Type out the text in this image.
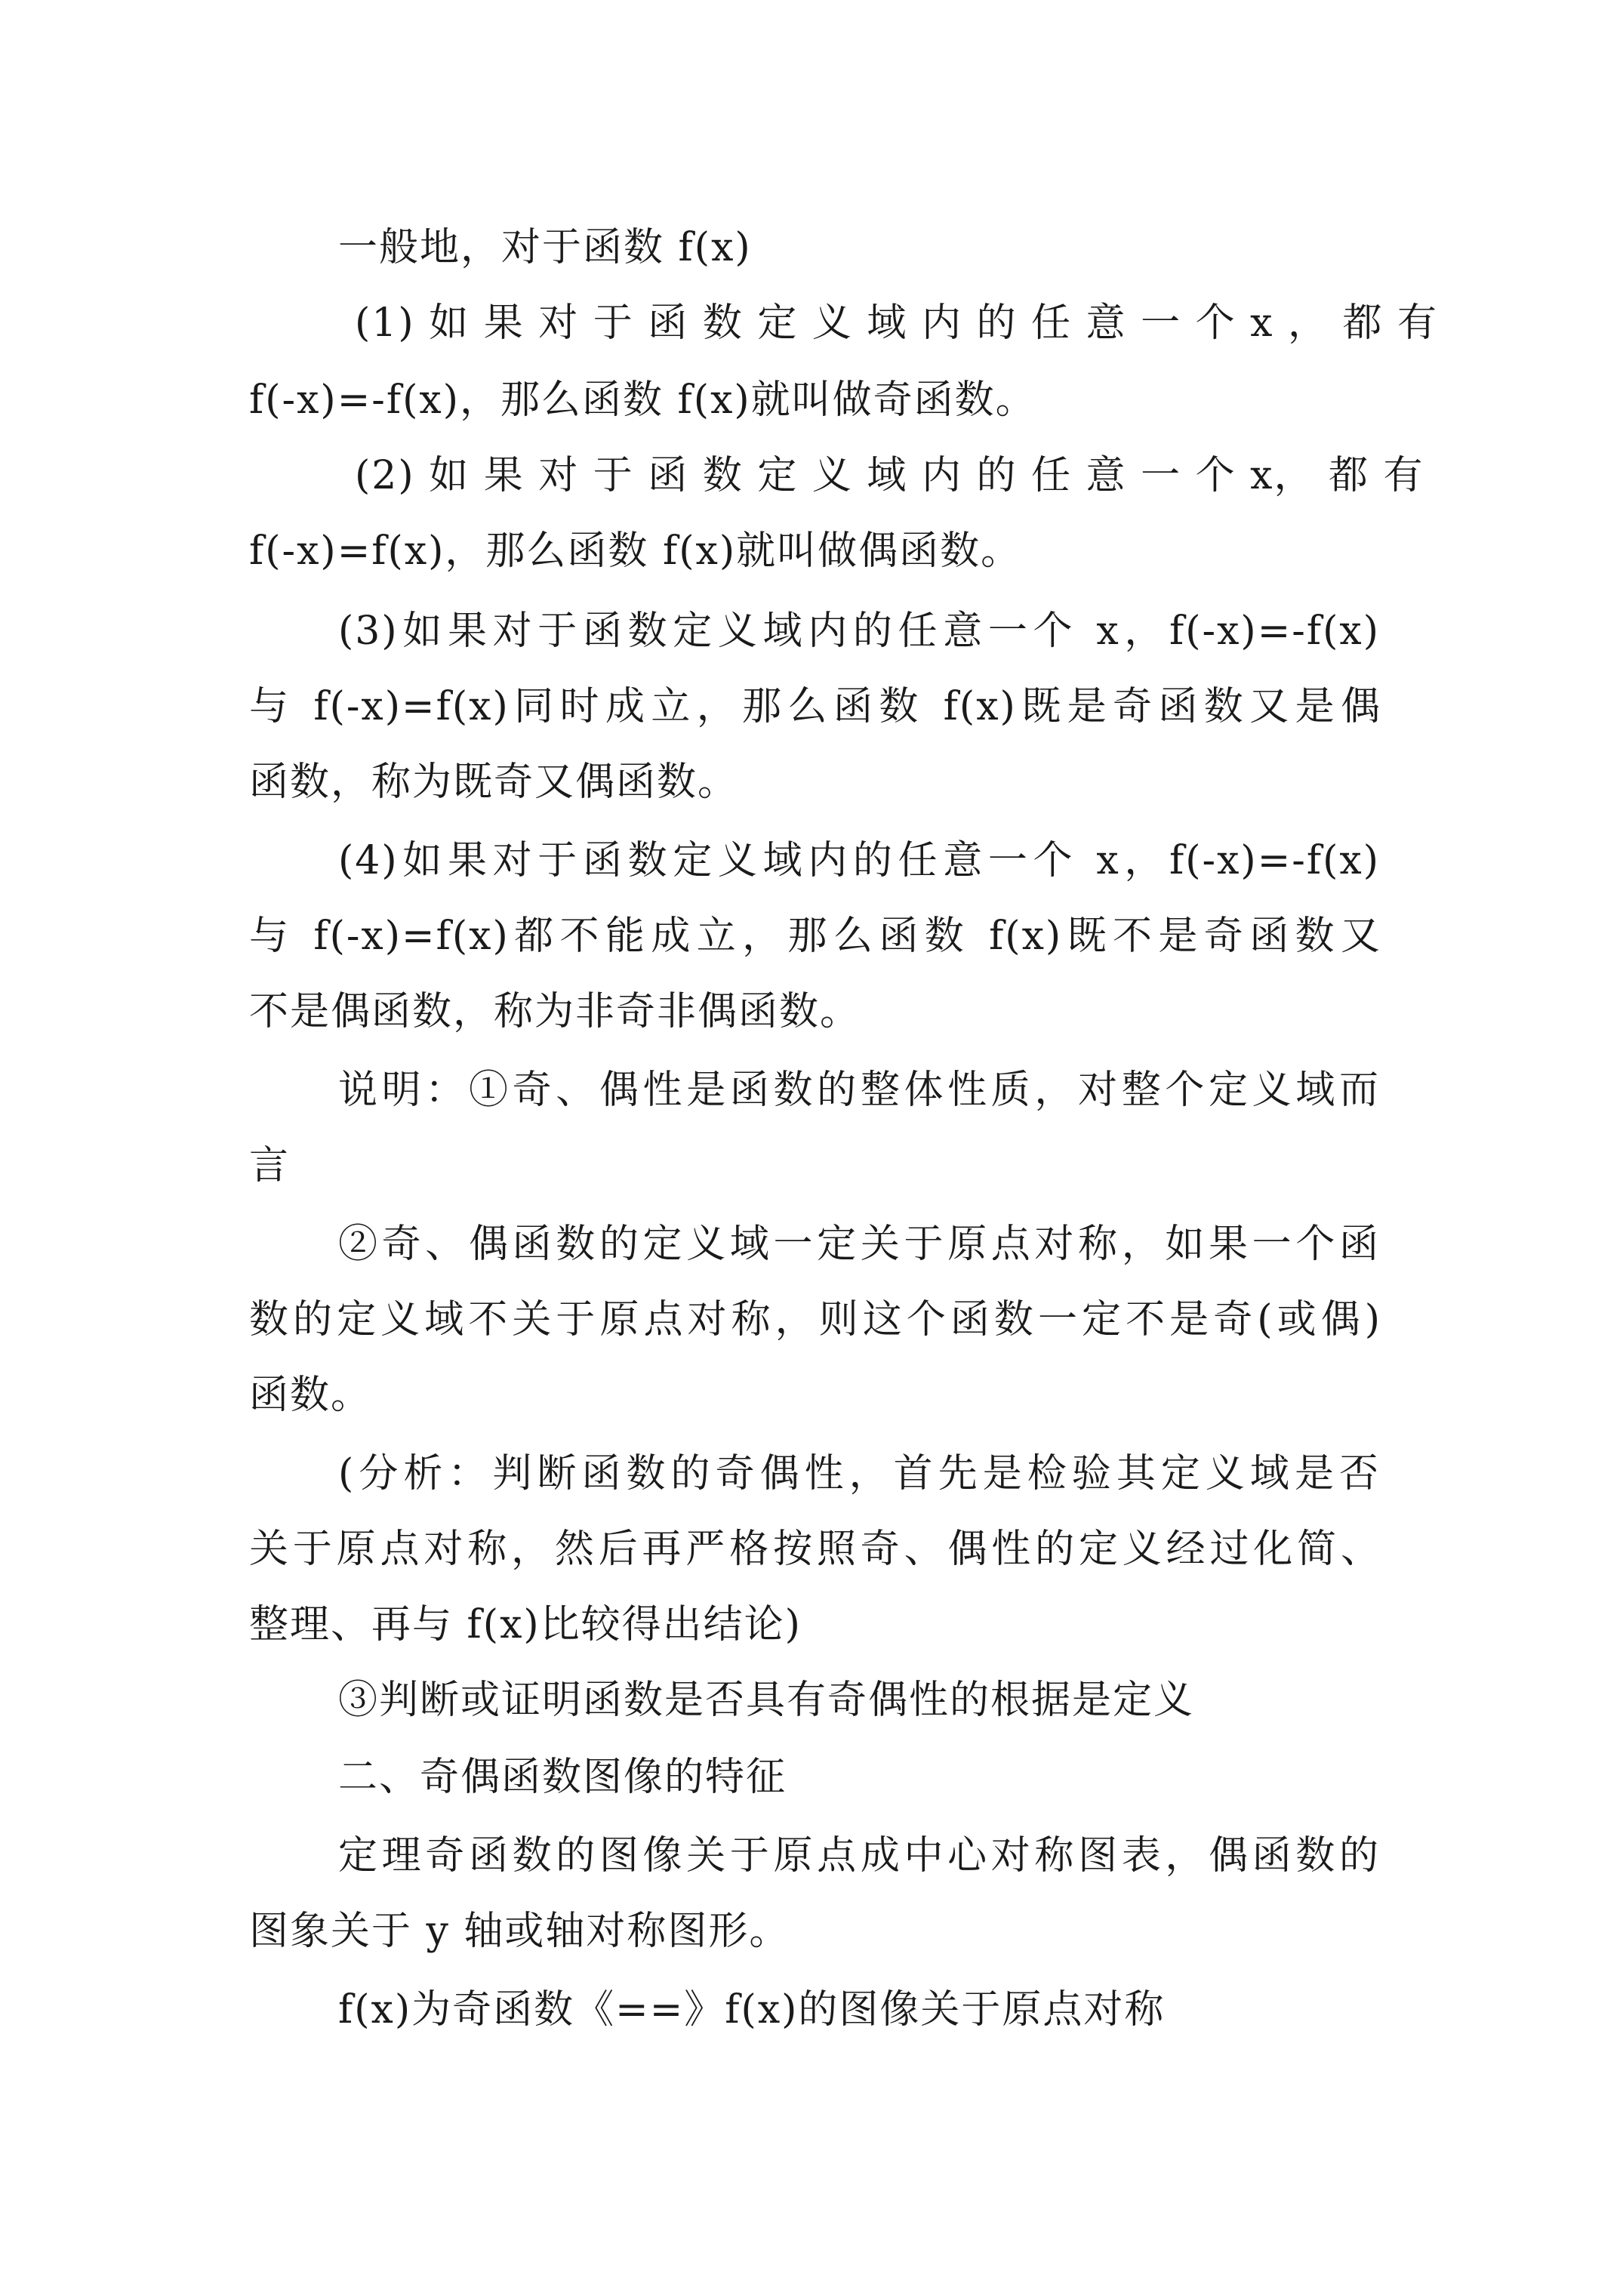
一般地，对于函数 f(x)
(1) 如 果 对 于 函 数 定 义 域 内 的 任 意 一 个 x ， 都 有
f(-x)=-f(x)，那么函数 f(x)就叫做奇函数。
(2) 如 果 对 于 函 数 定 义 域 内 的 任 意 一 个 x， 都 有
f(-x)=f(x)，那么函数 f(x)就叫做偶函数。
(3)如果对于函数定义域内的任意一个 x，f(-x)=-f(x)
与 f(-x)=f(x)同时成立，那么函数 f(x)既是奇函数又是偶
函数，称为既奇又偶函数。
(4)如果对于函数定义域内的任意一个 x，f(-x)=-f(x)
与 f(-x)=f(x)都不能成立，那么函数 f(x)既不是奇函数又
不是偶函数，称为非奇非偶函数。
说明：①奇、偶性是函数的整体性质，对整个定义域而
言
②奇、偶函数的定义域一定关于原点对称，如果一个函
数的定义域不关于原点对称，则这个函数一定不是奇(或偶)
函数。
(分析：判断函数的奇偶性，首先是检验其定义域是否
关于原点对称，然后再严格按照奇、偶性的定义经过化简、
整理、再与 f(x)比较得出结论)
③判断或证明函数是否具有奇偶性的根据是定义
二、奇偶函数图像的特征
定理奇函数的图像关于原点成中心对称图表，偶函数的
图象关于 y 轴或轴对称图形。
f(x)为奇函数《==》f(x)的图像关于原点对称
